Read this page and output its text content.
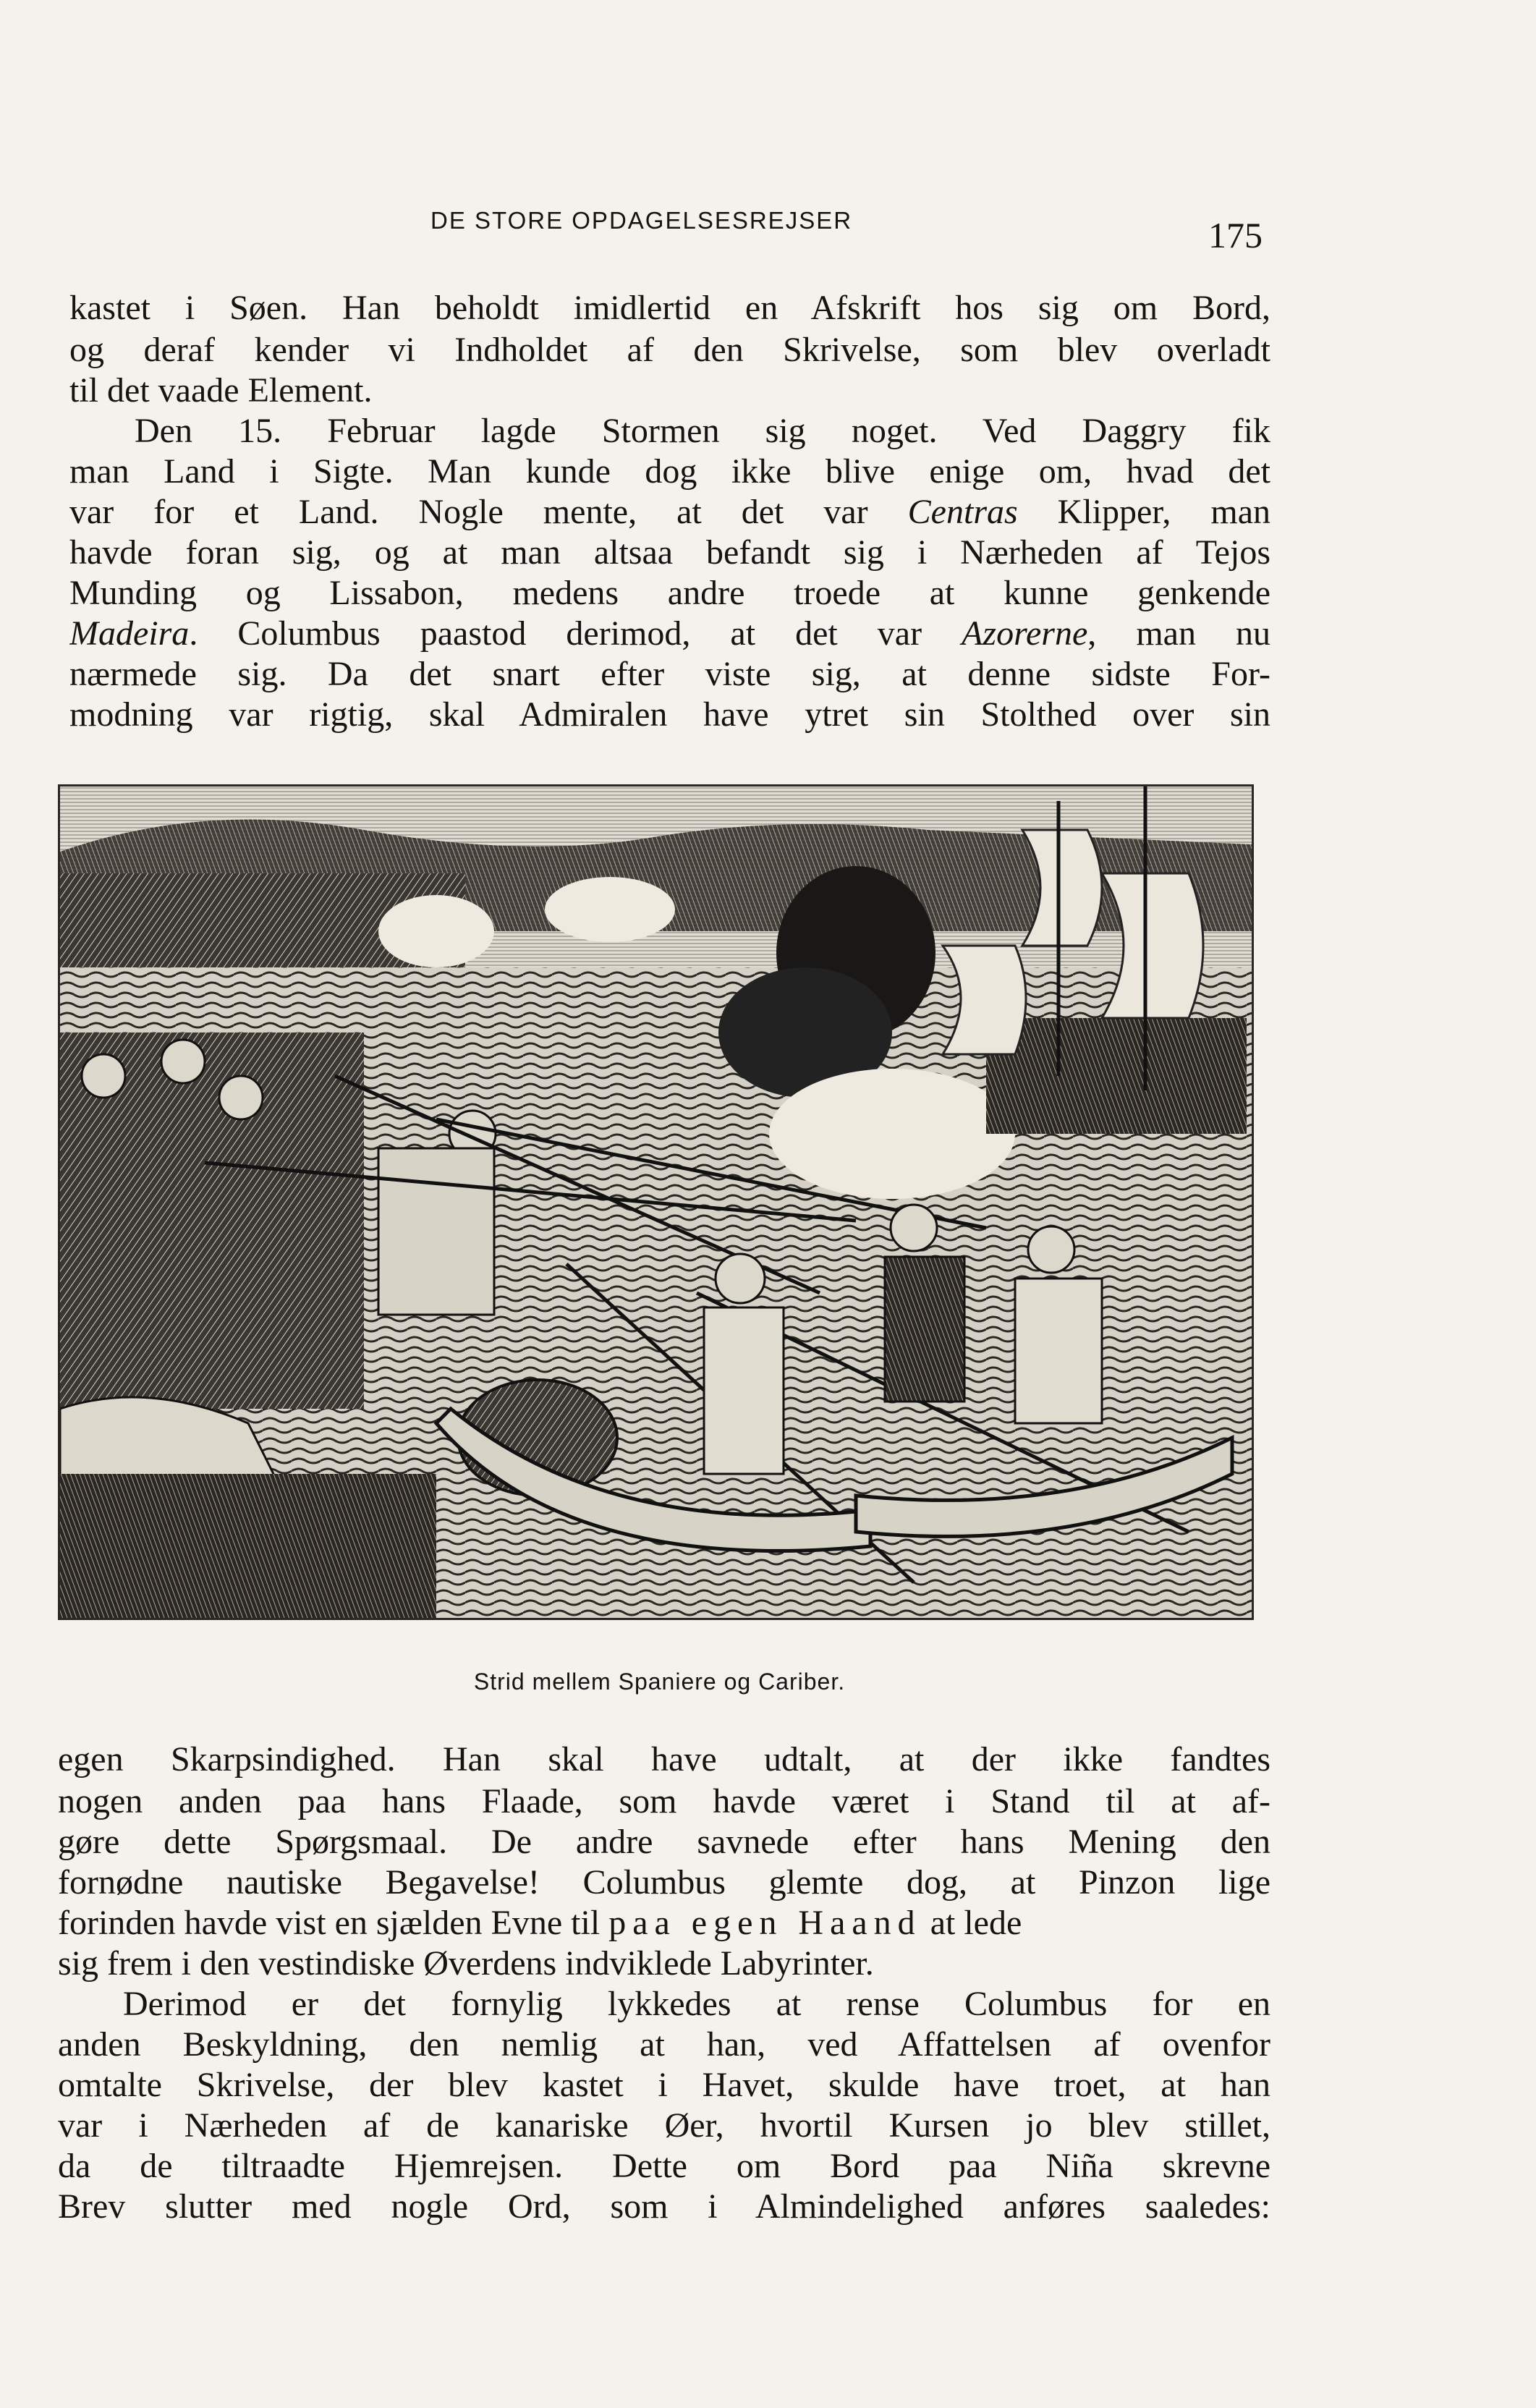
DE STORE OPDAGELSESREJSER	175
kastet i Søen. Han beholdt imidlertid en Afskrift hos sig om Bord,
og deraf kender vi Indholdet af den Skrivelse, som blev overladt
til det vaade Element.
Den 15. Februar lagde Stormen sig noget. Ved Daggry fik
man Land i Sigte. Man kunde dog ikke blive enige om, hvad det
var for et Land. Nogle mente, at det var Centras Klipper, man
havde foran sig, og at man altsaa befandt sig i Nærheden af Tejos
Munding og Lissabon, medens andre troede at kunne genkende
Madeira. Columbus paastod derimod, at det var Azorerne, man nu
nærmede sig. Da det snart efter viste sig, at denne sidste For-
modning var rigtig, skal Admiralen have ytret sin Stolthed over sin
Strid mellem Spaniere og Cariber.
egen Skarpsindighed. Han skal have udtalt, at der ikke fandtes
nogen anden paa hans Flaade, som havde været i Stand til at af-
gøre dette Spørgsmaal. De andre savnede efter hans Mening den
fornødne nautiske Begavelse! Columbus glemte dog, at Pinzon lige
forinden havde vist en sjælden Evne til paa egen Haand at lede
sig frem i den vestindiske Øverdens indviklede Labyrinter.
Derimod er det fornylig lykkedes at rense Columbus for en
anden Beskyldning, den nemlig at han, ved Affattelsen af ovenfor
omtalte Skrivelse, der blev kastet i Havet, skulde have troet, at han
var i Nærheden af de kanariske Øer, hvortil Kursen jo blev stillet,
da de tiltraadte Hjemrejsen. Dette om Bord paa Niña skrevne
Brev slutter med nogle Ord, som i Almindelighed anføres saaledes:
